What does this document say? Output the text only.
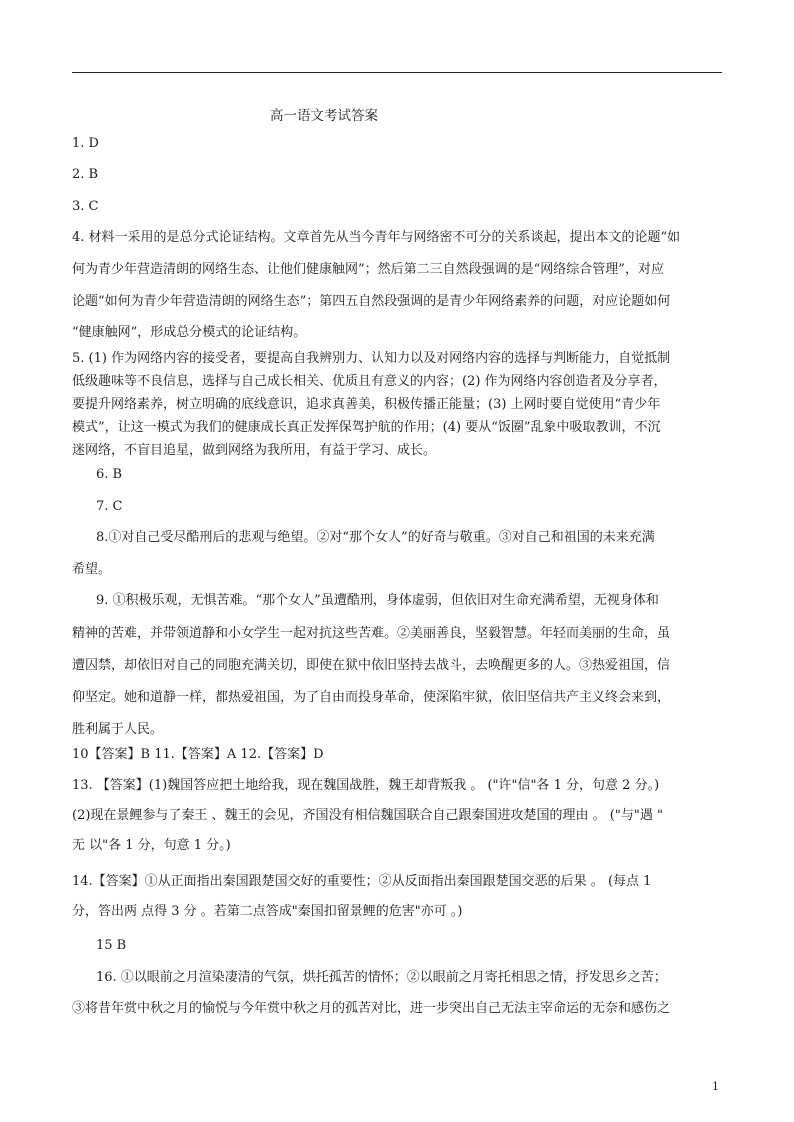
高一语文考试答案
1. D
2. B
3. C
4. 材料一采用的是总分式论证结构。文章首先从当今青年与网络密不可分的关系谈起，提出本文的论题“如
何为青少年营造清朗的网络生态、让他们健康触网”；然后第二三自然段强调的是“网络综合管理”，对应
论题“如何为青少年营造清朗的网络生态”；第四五自然段强调的是青少年网络素养的问题，对应论题如何
“健康触网”，形成总分模式的论证结构。
5. (1) 作为网络内容的接受者，要提高自我辨别力、认知力以及对网络内容的选择与判断能力，自觉抵制
低级趣味等不良信息，选择与自己成长相关、优质且有意义的内容；(2) 作为网络内容创造者及分享者，
要提升网络素养，树立明确的底线意识，追求真善美，积极传播正能量；(3) 上网时要自觉使用“青少年
模式”，让这一模式为我们的健康成长真正发挥保驾护航的作用；(4) 要从“饭圈”乱象中吸取教训，不沉
迷网络，不盲目追星，做到网络为我所用，有益于学习、成长。
6. B
7. C
8.①对自己受尽酷刑后的悲观与绝望。②对“那个女人”的好奇与敬重。③对自己和祖国的未来充满
希望。
9. ①积极乐观，无惧苦难。“那个女人”虽遭酷刑，身体虚弱，但依旧对生命充满希望，无视身体和
精神的苦难，并带领道静和小女学生一起对抗这些苦难。②美丽善良，坚毅智慧。年轻而美丽的生命，虽
遭囚禁，却依旧对自己的同胞充满关切，即使在狱中依旧坚持去战斗，去唤醒更多的人。③热爱祖国，信
仰坚定。她和道静一样，都热爱祖国，为了自由而投身革命，使深陷牢狱，依旧坚信共产主义终会来到，
胜利属于人民。
10【答案】B 11.【答案】A 12.【答案】D
13. 【答案】(1)魏国答应把土地给我，现在魏国战胜，魏王却背叛我 。 ("许"信"各 1 分，句意 2 分。)
(2)现在景鲤参与了秦王 、魏王的会见，齐国没有相信魏国联合自己跟秦国进攻楚国的理由 。 ("与"遇 "
无 以"各 1 分，句意 1 分。)
14.【答案】①从正面指出秦国跟楚国交好的重要性；②从反面指出秦国跟楚国交恶的后果 。 (每点 1
分，答出两 点得 3 分 。若第二点答成"秦国扣留景鲤的危害"亦可 。)
15 B
16. ①以眼前之月渲染凄清的气氛，烘托孤苦的情怀；②以眼前之月寄托相思之情，抒发思乡之苦；
③将昔年赏中秋之月的愉悦与今年赏中秋之月的孤苦对比，进一步突出自己无法主宰命运的无奈和感伤之
1
